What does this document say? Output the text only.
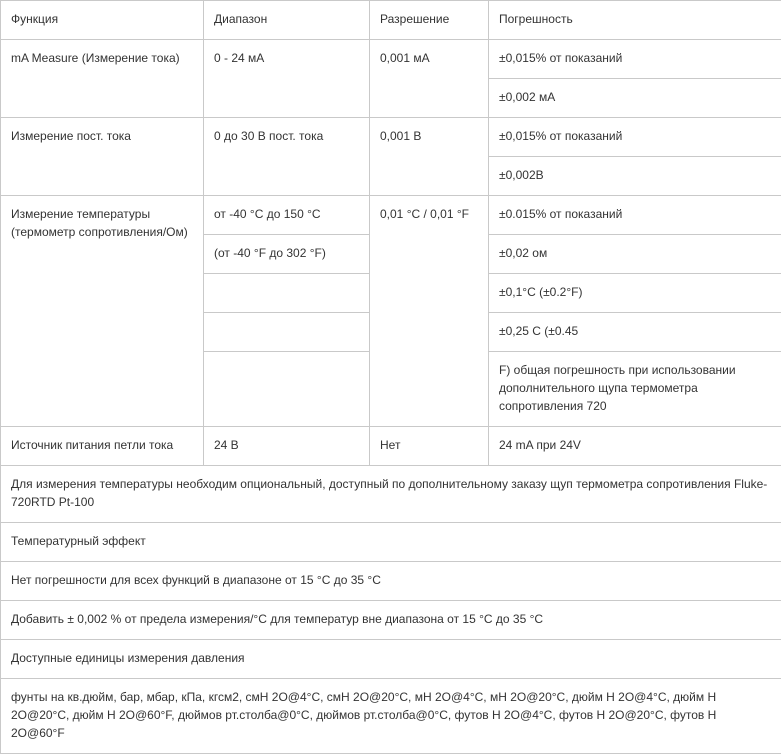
Функция	Диапазон	Разрешение	Погрешность
mA Measure (Измерение тока)	0 - 24 мА	0,001 мА	±0,015% от показаний
			±0,002 мА
Измерение пост. тока	0 до 30 В пост. тока	0,001 В	±0,015% от показаний
			±0,002В
Измерение температуры (термометр сопротивления/Ом)	от -40 °C до 150 °C	0,01 °C / 0,01 °F	±0.015% от показаний
	(от -40 °F до 302 °F)		±0,02 ом
			±0,1°C (±0.2°F)
			±0,25 C (±0.45
			F) общая погрешность при использовании дополнительного щупа термометра сопротивления 720
Источник питания петли тока	24 В	Нет	24 mA при 24V
Для измерения температуры необходим опциональный, доступный по дополнительному заказу щуп термометра сопротивления Fluke-720RTD Pt-100			
Температурный эффект			
Нет погрешности для всех функций в диапазоне от 15 °C до 35 °C			
Добавить ± 0,002 % от предела измерения/°C для температур вне диапазона от 15 °C до 35 °C			
Доступные единицы измерения давления			
фунты на кв.дюйм, бар, мбар, кПа, кгсм2, смН 2O@4°C, смН 2O@20°C, мН 2O@4°C, мН 2O@20°C, дюйм Н 2O@4°C, дюйм Н 2O@20°C, дюйм Н 2O@60°F, дюймов рт.столба@0°C, дюймов рт.столба@0°C, футов Н 2O@4°C, футов Н 2O@20°C, футов Н 2O@60°F			
